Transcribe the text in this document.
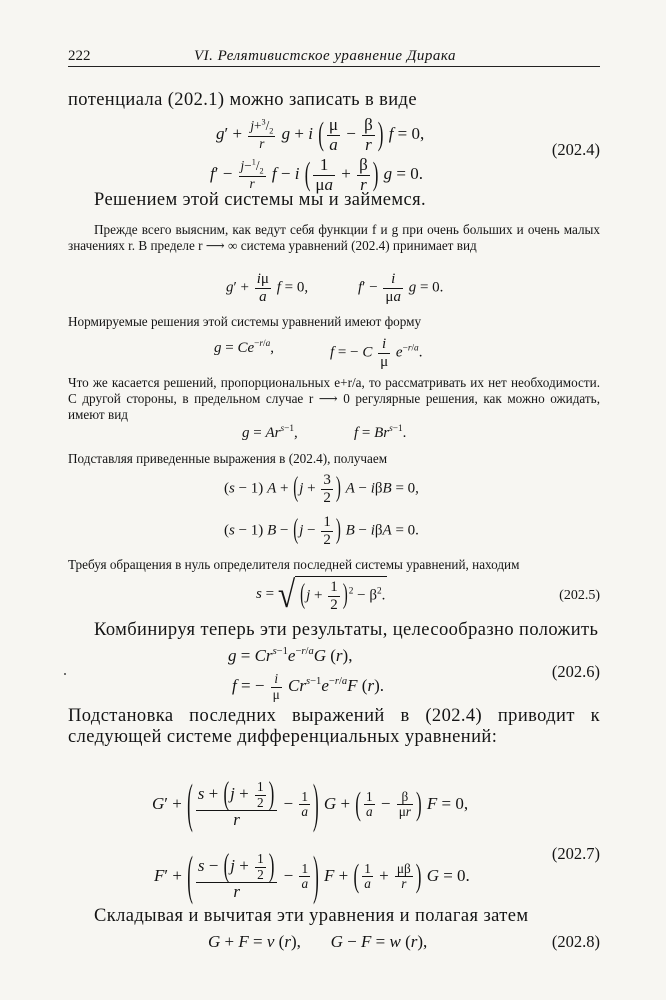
222	VI. Релятивистское уравнение Дирака
потенциала (202.1) можно записать в виде
$g' + \frac{j+^3/_2}{r}$ g + i ( $\frac{\mu}{a} - \frac{\beta}{r}$ ) f = 0,
$f' - \frac{j-^1/_2}{r}$ f − i ( $\frac{1}{\mu a} + \frac{\beta}{r}$ ) g = 0.
(202.4)
Решением этой системы мы и займемся.
Прежде всего выясним, как ведут себя функции f и g при очень больших и очень малых значениях r. В пределе r ⟶ ∞ система уравнений (202.4) принимает вид
$g' + \frac{i\mu}{a}$ f = 0,	$f' - \frac{i}{\mu a}$ g = 0.
Нормируемые решения этой системы уравнений имеют форму
$g = Ce^{-r/a}$,	f = − C $\frac{i}{\mu} e^{-r/a}$.
Что же касается решений, пропорциональных e+r/a, то рассматривать их нет необходимости. С другой стороны, в предельном случае r ⟶ 0 регулярные решения, как можно ожидать, имеют вид
$g = Ar^{s-1}$,	$f = Br^{s-1}$.
Подставляя приведенные выражения в (202.4), получаем
(s − 1) $A + (j + \frac{3}{2}$ ) A − iβB = 0,
(s − 1) $B - (j - \frac{1}{2}$ ) B − iβA = 0.
Требуя обращения в нуль определителя последней системы уравнений, находим
s = √ $(j + \frac{1}{2} )^2 - \beta^2$.	(202.5)
Комбинируя теперь эти результаты, целесообразно положить
$g = Cr^{s-1}e^{-r/a}G$ (r),
f = − $\frac{i}{\mu} Cr^{s-1}e^{-r/a}F$ (r).
(202.6)
Подстановка последних выражений в (202.4) приводит к следующей системе дифференциальных уравнений:
G′ + ( $\frac{s + (j + \frac{1}{2} )}{r} - \frac{1}{a}$ ) G + ( $\frac{1}{a} - \frac{\beta}{\mu r}$ ) F = 0,
F′ + ( $\frac{s - (j + \frac{1}{2} )}{r} - \frac{1}{a}$ ) F + ( $\frac{1}{a} + \frac{\mu\beta}{r}$ ) G = 0.
(202.7)
Складывая и вычитая эти уравнения и полагая затем
G + F = v (r),       G − F = w (r),	(202.8)
